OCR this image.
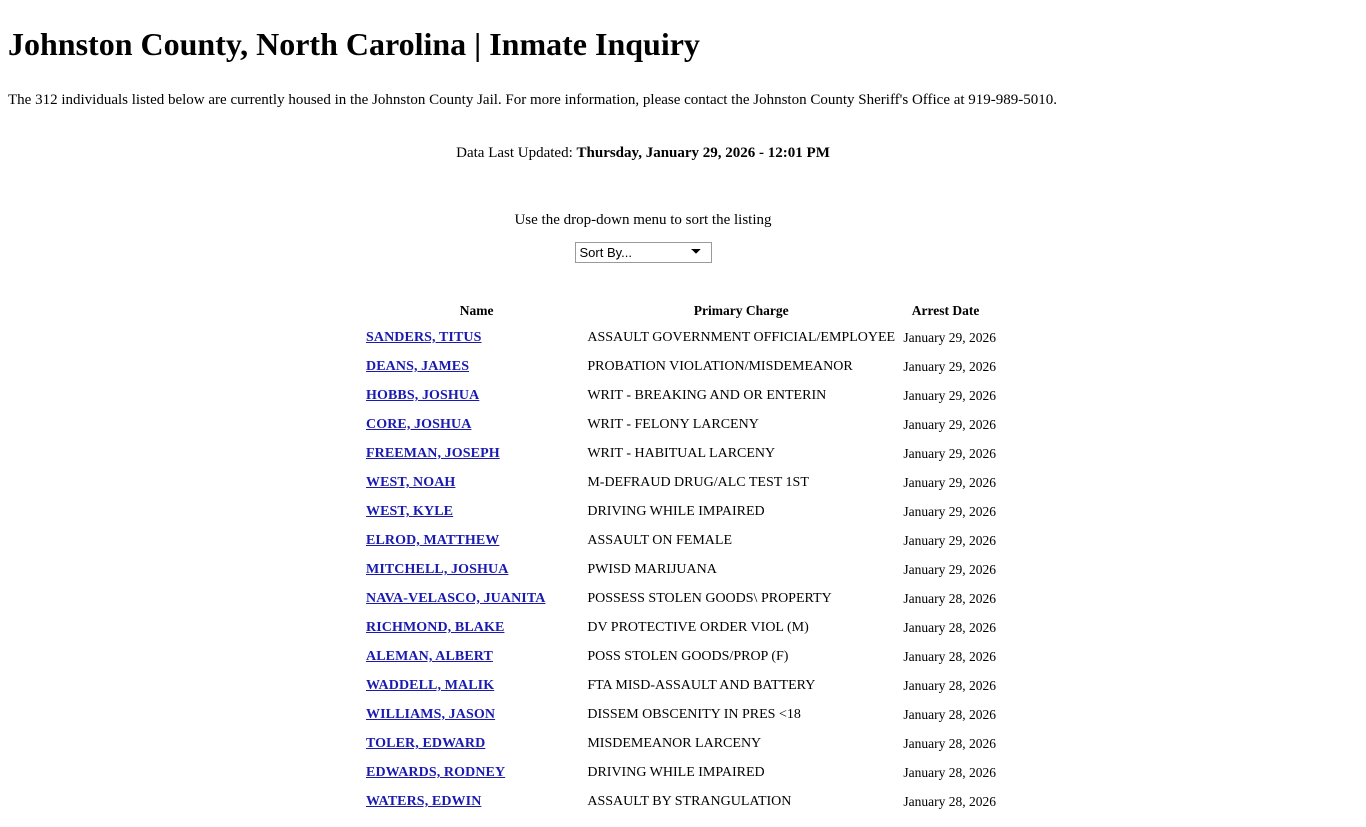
Johnston County, North Carolina | Inmate Inquiry

The 312 individuals listed below are currently housed in the Johnston County Jail. For more information, please contact the Johnston County Sheriff's Office at 919-989-5010.

Data Last Updated: Thursday, January 29, 2026 - 12:01 PM

Use the drop-down menu to sort the listing

Sort By...
Name	Primary Charge	Arrest Date
SANDERS, TITUS	ASSAULT GOVERNMENT OFFICIAL/EMPLOYEE	January 29, 2026
DEANS, JAMES	PROBATION VIOLATION/MISDEMEANOR	January 29, 2026
HOBBS, JOSHUA	WRIT - BREAKING AND OR ENTERIN	January 29, 2026
CORE, JOSHUA	WRIT - FELONY LARCENY	January 29, 2026
FREEMAN, JOSEPH	WRIT - HABITUAL LARCENY	January 29, 2026
WEST, NOAH	M-DEFRAUD DRUG/ALC TEST 1ST	January 29, 2026
WEST, KYLE	DRIVING WHILE IMPAIRED	January 29, 2026
ELROD, MATTHEW	ASSAULT ON FEMALE	January 29, 2026
MITCHELL, JOSHUA	PWISD MARIJUANA	January 29, 2026
NAVA-VELASCO, JUANITA	POSSESS STOLEN GOODS\ PROPERTY	January 28, 2026
RICHMOND, BLAKE	DV PROTECTIVE ORDER VIOL (M)	January 28, 2026
ALEMAN, ALBERT	POSS STOLEN GOODS/PROP (F)	January 28, 2026
WADDELL, MALIK	FTA MISD-ASSAULT AND BATTERY	January 28, 2026
WILLIAMS, JASON	DISSEM OBSCENITY IN PRES <18	January 28, 2026
TOLER, EDWARD	MISDEMEANOR LARCENY	January 28, 2026
EDWARDS, RODNEY	DRIVING WHILE IMPAIRED	January 28, 2026
WATERS, EDWIN	ASSAULT BY STRANGULATION	January 28, 2026
